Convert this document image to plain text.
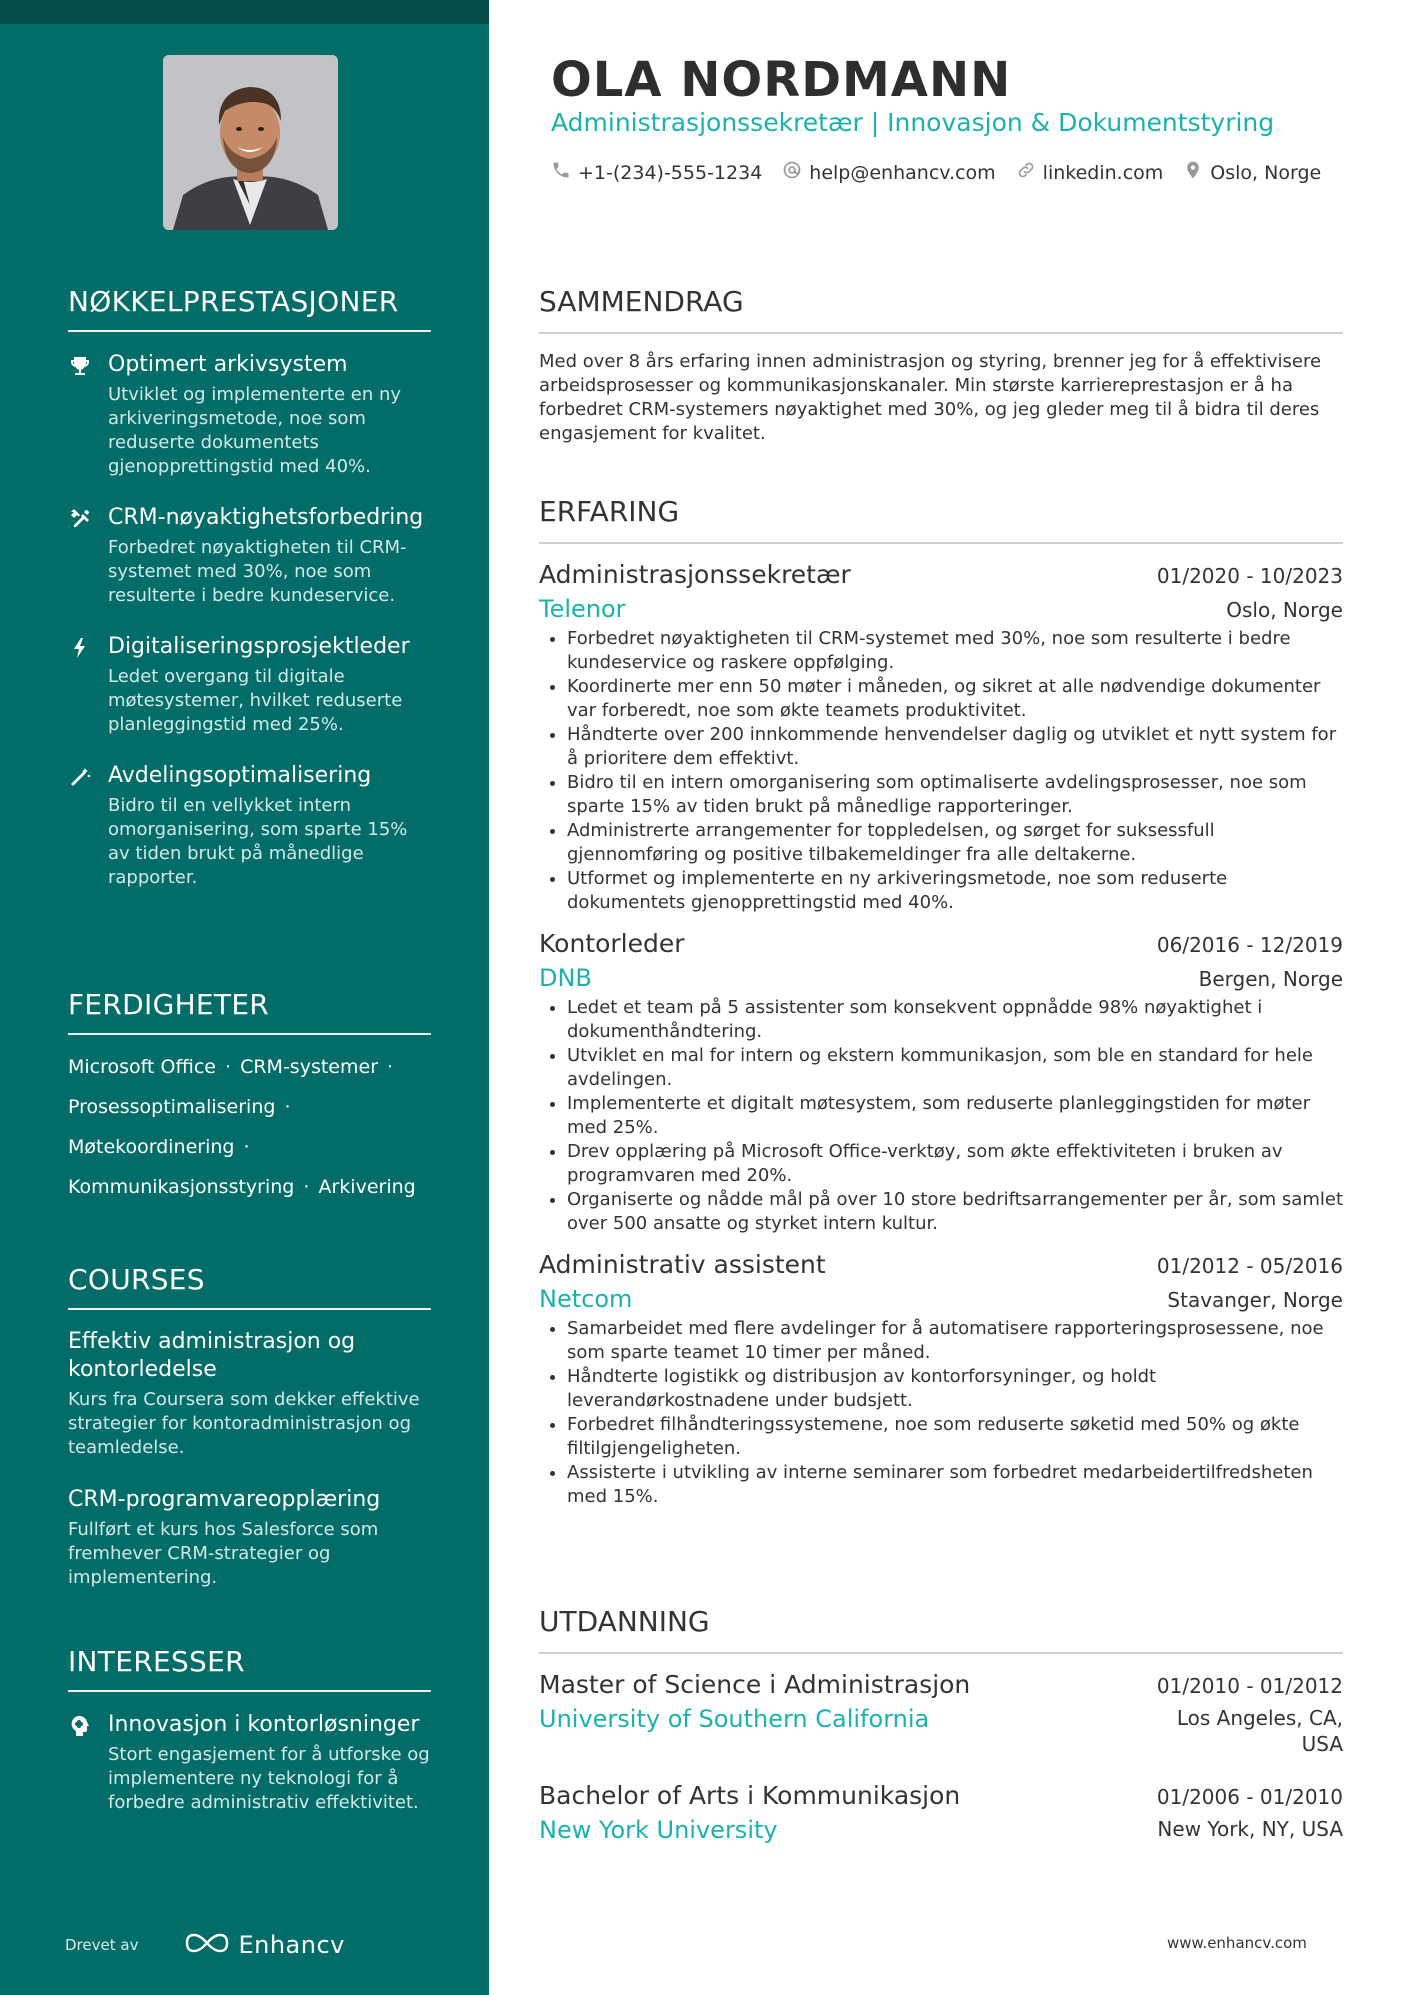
NØKKELPRESTASJONER
Optimert arkivsystem
Utviklet og implementerte en ny arkiveringsmetode, noe som reduserte dokumentets gjenopprettingstid med 40%.
CRM-nøyaktighetsforbedring
Forbedret nøyaktigheten til CRM-systemet med 30%, noe som resulterte i bedre kundeservice.
Digitaliseringsprosjektleder
Ledet overgang til digitale møtesystemer, hvilket reduserte planleggingstid med 25%.
Avdelingsoptimalisering
Bidro til en vellykket intern omorganisering, som sparte 15% av tiden brukt på månedlige rapporter.
FERDIGHETER
Microsoft Office · CRM-systemer ·
Prosessoptimalisering ·
Møtekoordinering ·
Kommunikasjonsstyring · Arkivering
COURSES
Effektiv administrasjon og kontorledelse
Kurs fra Coursera som dekker effektive strategier for kontoradministrasjon og teamledelse.
CRM-programvareopplæring
Fullført et kurs hos Salesforce som fremhever CRM-strategier og implementering.
INTERESSER
Innovasjon i kontorløsninger
Stort engasjement for å utforske og implementere ny teknologi for å forbedre administrativ effektivitet.
Drevet av	Enhancv
OLA NORDMANN
Administrasjonssekretær | Innovasjon & Dokumentstyring
+1-(234)-555-1234 help@enhancv.com linkedin.com Oslo, Norge
SAMMENDRAG

Med over 8 års erfaring innen administrasjon og styring, brenner jeg for å effektivisere arbeidsprosesser og kommunikasjonskanaler. Min største karriereprestasjon er å ha forbedret CRM-systemers nøyaktighet med 30%, og jeg gleder meg til å bidra til deres engasjement for kvalitet.

ERFARING
Administrasjonssekretær	01/2020 - 10/2023
Telenor	Oslo, Norge
• Forbedret nøyaktigheten til CRM-systemet med 30%, noe som resulterte i bedre kundeservice og raskere oppfølging.
• Koordinerte mer enn 50 møter i måneden, og sikret at alle nødvendige dokumenter var forberedt, noe som økte teamets produktivitet.
• Håndterte over 200 innkommende henvendelser daglig og utviklet et nytt system for å prioritere dem effektivt.
• Bidro til en intern omorganisering som optimaliserte avdelingsprosesser, noe som sparte 15% av tiden brukt på månedlige rapporteringer.
• Administrerte arrangementer for toppledelsen, og sørget for suksessfull gjennomføring og positive tilbakemeldinger fra alle deltakerne.
• Utformet og implementerte en ny arkiveringsmetode, noe som reduserte dokumentets gjenopprettingstid med 40%.
Kontorleder	06/2016 - 12/2019
DNB	Bergen, Norge
• Ledet et team på 5 assistenter som konsekvent oppnådde 98% nøyaktighet i dokumenthåndtering.
• Utviklet en mal for intern og ekstern kommunikasjon, som ble en standard for hele avdelingen.
• Implementerte et digitalt møtesystem, som reduserte planleggingstiden for møter med 25%.
• Drev opplæring på Microsoft Office-verktøy, som økte effektiviteten i bruken av programvaren med 20%.
• Organiserte og nådde mål på over 10 store bedriftsarrangementer per år, som samlet over 500 ansatte og styrket intern kultur.
Administrativ assistent	01/2012 - 05/2016
Netcom	Stavanger, Norge
• Samarbeidet med flere avdelinger for å automatisere rapporteringsprosessene, noe som sparte teamet 10 timer per måned.
• Håndterte logistikk og distribusjon av kontorforsyninger, og holdt leverandørkostnadene under budsjett.
• Forbedret filhåndteringssystemene, noe som reduserte søketid med 50% og økte filtilgjengeligheten.
• Assisterte i utvikling av interne seminarer som forbedret medarbeidertilfredsheten med 15%.
UTDANNING
Master of Science i Administrasjon	01/2010 - 01/2012
University of Southern California	Los Angeles, CA, USA
Bachelor of Arts i Kommunikasjon	01/2006 - 01/2010
New York University	New York, NY, USA
www.enhancv.com
